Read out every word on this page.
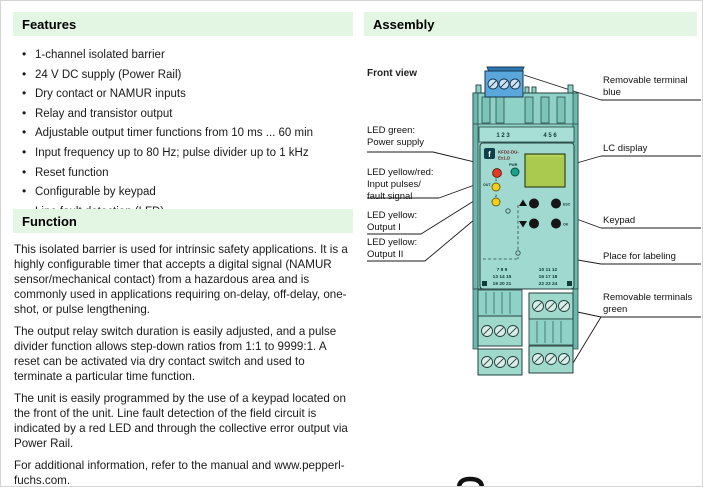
Features
• 1-channel isolated barrier
• 24 V DC supply (Power Rail)
• Dry contact or NAMUR inputs
• Relay and transistor output
• Adjustable output timer functions from 10 ms ... 60 min
• Input frequency up to 80 Hz; pulse divider up to 1 kHz
• Reset function
• Configurable by keypad
•
Function

This isolated barrier is used for intrinsic safety applications. It is a highly configurable timer that accepts a digital signal (NAMUR sensor/mechanical contact) from a hazardous area and is commonly used in applications requiring on-delay, off-delay, one-shot, or pulse lengthening.

The output relay switch duration is easily adjusted, and a pulse divider function allows step-down ratios from 1:1 to 9999:1. A reset can be activated via dry contact switch and used to terminate a particular time function.

The unit is easily programmed by the use of a keypad located on the front of the unit. Line fault detection of the field circuit is indicated by a red LED and through the collective error output via Power Rail.

For additional information, refer to the manual and www.pepperl-fuchs.com.

Assembly
Front view
LED green:
Power supply
LED yellow/red:
Input pulses/
fault signal
LED yellow:
Output I
LED yellow:
Output II
Removable terminal
blue
LC display
Keypad
Place for labeling
Removable terminals
green
1 2 3	4 5 6
f KFD2-DU-
Ex1.D
PWR
OUT
1
2
ESC
OK
7 8 9
13 14 15
19 20 21
10 11 12
16 17 18
22 23 24
